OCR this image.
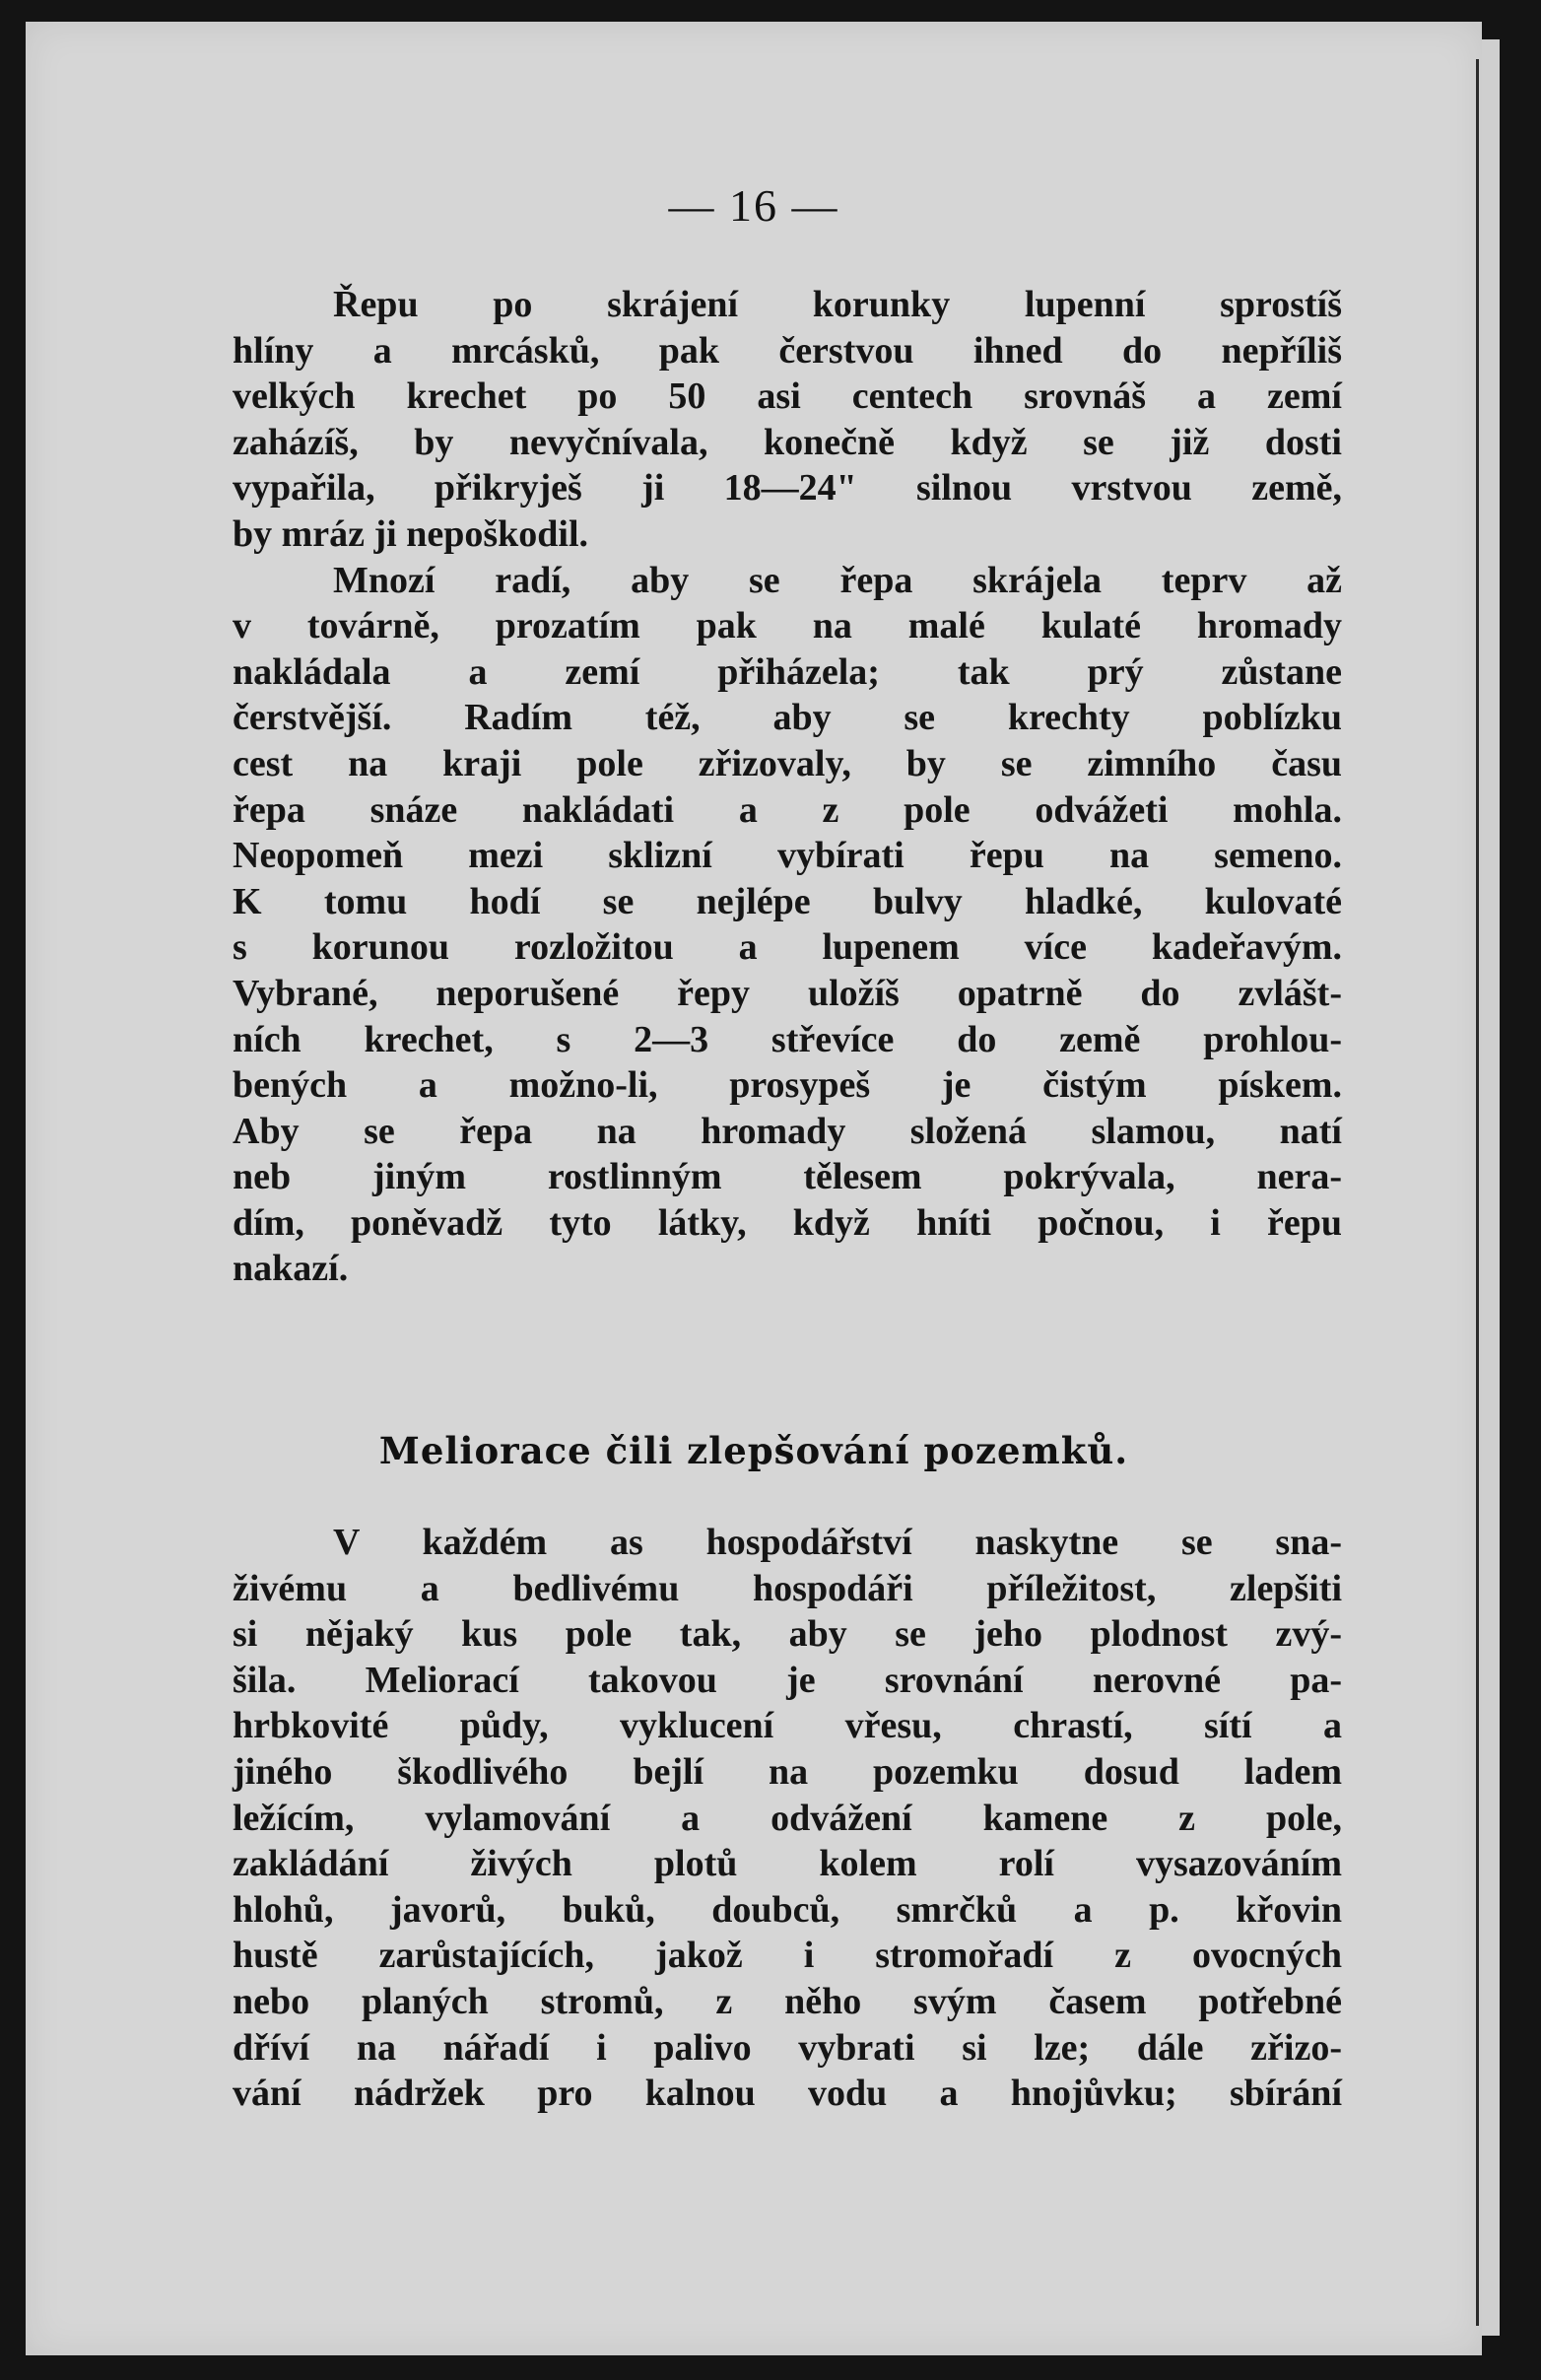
— 16 —
Řepu po skrájení korunky lupenní sprostíš
hlíny a mrcásků, pak čerstvou ihned do nepříliš
velkých krechet po 50 asi centech srovnáš a zemí
zaházíš, by nevyčnívala, konečně když se již dosti
vypařila, přikryješ ji 18—24" silnou vrstvou země,
by mráz ji nepoškodil.
Mnozí radí, aby se řepa skrájela teprv až
v továrně, prozatím pak na malé kulaté hromady
nakládala a zemí přiházela; tak prý zůstane
čerstvější. Radím též, aby se krechty poblízku
cest na kraji pole zřizovaly, by se zimního času
řepa snáze nakládati a z pole odvážeti mohla.
Neopomeň mezi sklizní vybírati řepu na semeno.
K tomu hodí se nejlépe bulvy hladké, kulovaté
s korunou rozložitou a lupenem více kadeřavým.
Vybrané, neporušené řepy uložíš opatrně do zvlášt-
ních krechet, s 2—3 střevíce do země prohlou-
bených a možno-li, prosypeš je čistým pískem.
Aby se řepa na hromady složená slamou, natí
neb jiným rostlinným tělesem pokrývala, nera-
dím, poněvadž tyto látky, když hníti počnou, i řepu
nakazí.
Meliorace čili zlepšování pozemků.
V každém as hospodářství naskytne se sna-
živému a bedlivému hospodáři příležitost, zlepšiti
si nějaký kus pole tak, aby se jeho plodnost zvý-
šila. Meliorací takovou je srovnání nerovné pa-
hrbkovité půdy, vyklucení vřesu, chrastí, sítí a
jiného škodlivého bejlí na pozemku dosud ladem
ležícím, vylamování a odvážení kamene z pole,
zakládání živých plotů kolem rolí vysazováním
hlohů, javorů, buků, doubců, smrčků a p. křovin
hustě zarůstajících, jakož i stromořadí z ovocných
nebo planých stromů, z něho svým časem potřebné
dříví na nářadí i palivo vybrati si lze; dále zřizo-
vání nádržek pro kalnou vodu a hnojůvku; sbírání
